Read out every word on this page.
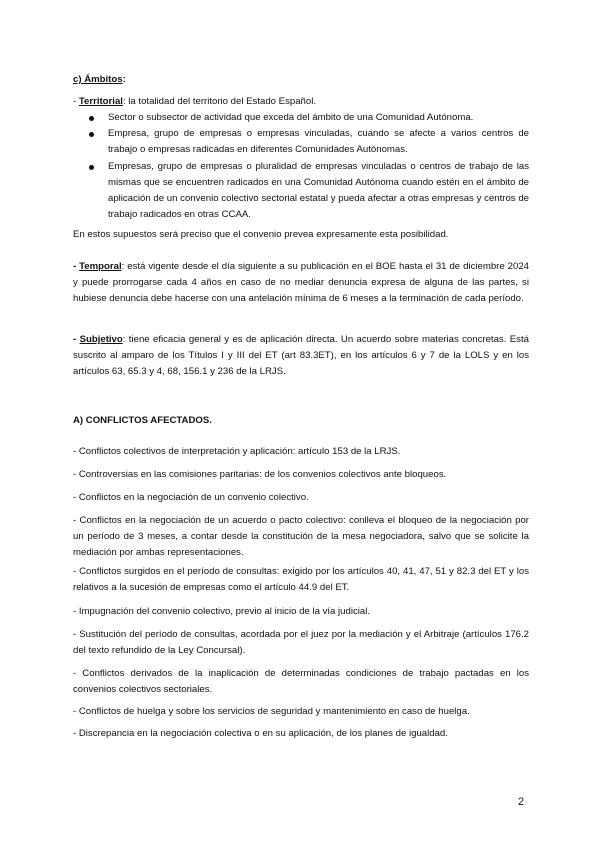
c) Ámbitos:
- Territorial: la totalidad del territorio del Estado Español.
Sector o subsector de actividad que exceda del ámbito de una Comunidad Autónoma.
Empresa, grupo de empresas o empresas vinculadas, cuando se afecte a varios centros de trabajo o empresas radicadas en diferentes Comunidades Autónomas.
Empresas, grupo de empresas o pluralidad de empresas vinculadas o centros de trabajo de las mismas que se encuentren radicados en una Comunidad Autónoma cuando estén en el ámbito de aplicación de un convenio colectivo sectorial estatal y pueda afectar a otras empresas y centros de trabajo radicados en otras CCAA.
En estos supuestos será preciso que el convenio prevea expresamente esta posibilidad.
- Temporal: está vigente desde el día siguiente a su publicación en el BOE hasta el 31 de diciembre 2024 y puede prorrogarse cada 4 años en caso de no mediar denuncia expresa de alguna de las partes, si hubiese denuncia debe hacerse con una antelación mínima de 6 meses a la terminación de cada período.
- Subjetivo: tiene eficacia general y es de aplicación directa. Un acuerdo sobre materias concretas. Está suscrito al amparo de los Títulos I y III del ET (art 83.3ET), en los artículos 6 y 7 de la LOLS y en los artículos 63, 65.3 y 4, 68, 156.1 y 236 de la LRJS.
A) CONFLICTOS AFECTADOS.
- Conflictos colectivos de interpretación y aplicación: artículo 153 de la LRJS.
- Controversias en las comisiones paritarias: de los convenios colectivos ante bloqueos.
- Conflictos en la negociación de un convenio colectivo.
- Conflictos en la negociación de un acuerdo o pacto colectivo: conlleva el bloqueo de la negociación por un período de 3 meses, a contar desde la constitución de la mesa negociadora, salvo que se solicite la mediación por ambas representaciones.
- Conflictos surgidos en el período de consultas: exigido por los artículos 40, 41, 47, 51 y 82.3 del ET y los relativos a la sucesión de empresas como el artículo 44.9 del ET.
- Impugnación del convenio colectivo, previo al inicio de la vía judicial.
- Sustitución del período de consultas, acordada por el juez por la mediación y el Arbitraje (artículos 176.2 del texto refundido de la Ley Concursal).
- Conflictos derivados de la inaplicación de determinadas condiciones de trabajo pactadas en los convenios colectivos sectoriales.
- Conflictos de huelga y sobre los servicios de seguridad y mantenimiento en caso de huelga.
- Discrepancia en la negociación colectiva o en su aplicación, de los planes de igualdad.
2
